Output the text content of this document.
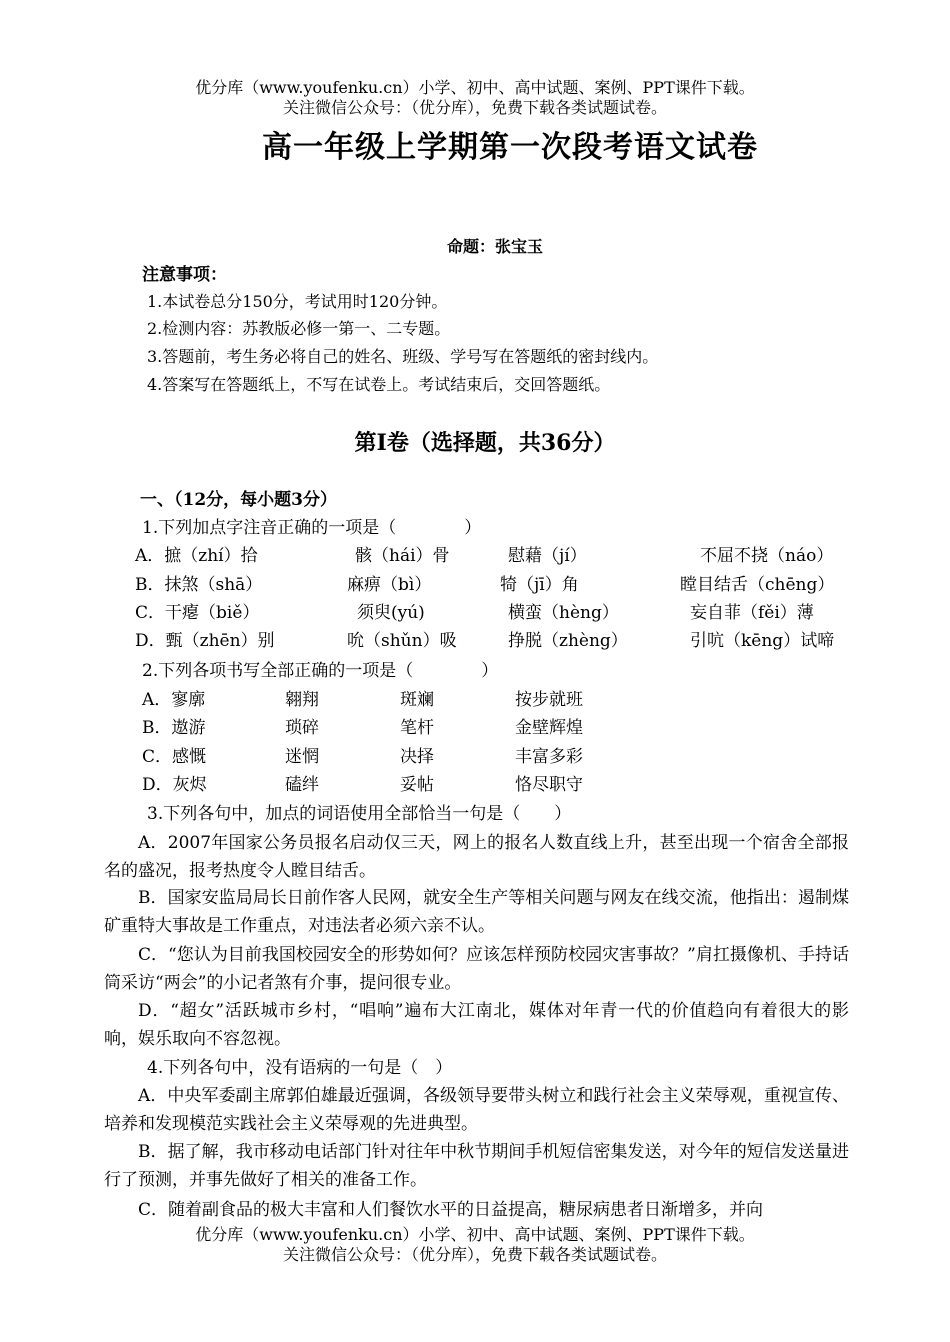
优分库（www.youfenku.cn）小学、初中、高中试题、案例、PPT课件下载。
关注微信公众号：（优分库），免费下载各类试题试卷。
高一年级上学期第一次段考语文试卷
命题：张宝玉
注意事项：
1.本试卷总分150分，考试用时120分钟。
2.检测内容：苏教版必修一第一、二专题。
3.答题前，考生务必将自己的姓名、班级、学号写在答题纸的密封线内。
4.答案写在答题纸上，不写在试卷上。考试结束后，交回答题纸。
第Ⅰ卷（选择题，共36分）
一、（12分，每小题3分）
1.下列加点字注音正确的一项是（　　　　）
A．摭（zhí）拾	骸（hái）骨	慰藉（jí）	不屈不挠（náo）
B．抹煞（shā）	麻痹（bì）	犄（jī）角	瞠目结舌（chēng）
C．干瘪（biě）	须臾(yú)	横蛮（hèng）	妄自菲（fěi）薄
D．甄（zhēn）别	吮（shǔn）吸	挣脱（zhèng）	引吭（kēng）试啼
2.下列各项书写全部正确的一项是（　　　　）
A．寥廓	翱翔	斑斓	按步就班
B．遨游	琐碎	笔杆	金壁辉煌
C．感慨	迷惘	决择	丰富多彩
D．灰烬	磕绊	妥帖	恪尽职守
3.下列各句中，加点的词语使用全部恰当一句是（　　）
A．2007年国家公务员报名启动仅三天，网上的报名人数直线上升，甚至出现一个宿舍全部报名的盛况，报考热度令人瞠目结舌。
B．国家安监局局长日前作客人民网，就安全生产等相关问题与网友在线交流，他指出：遏制煤矿重特大事故是工作重点，对违法者必须六亲不认。
C．“您认为目前我国校园安全的形势如何？应该怎样预防校园灾害事故？”肩扛摄像机、手持话筒采访“两会”的小记者煞有介事，提问很专业。
D．“超女”活跃城市乡村，“唱响”遍布大江南北，媒体对年青一代的价值趋向有着很大的影响，娱乐取向不容忽视。
4.下列各句中，没有语病的一句是（　）
A．中央军委副主席郭伯雄最近强调，各级领导要带头树立和践行社会主义荣辱观，重视宣传、培养和发现模范实践社会主义荣辱观的先进典型。
B．据了解，我市移动电话部门针对往年中秋节期间手机短信密集发送，对今年的短信发送量进行了预测，并事先做好了相关的准备工作。
C．随着副食品的极大丰富和人们餐饮水平的日益提高，糖尿病患者日渐增多，并向
优分库（www.youfenku.cn）小学、初中、高中试题、案例、PPT课件下载。
关注微信公众号：（优分库），免费下载各类试题试卷。
